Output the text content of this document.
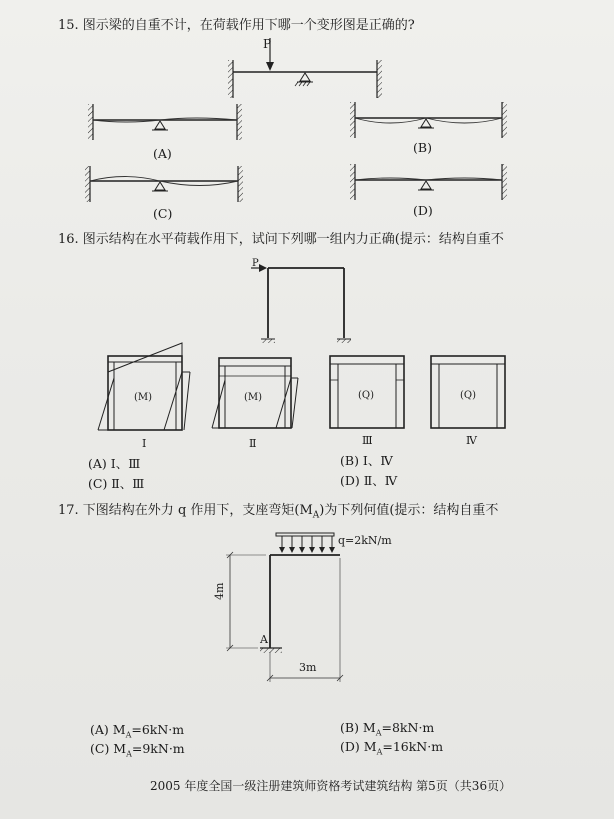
15. 图示梁的自重不计，在荷载作用下哪一个变形图是正确的?
P
(A)	(B)
(C)	(D)
16. 图示结构在水平荷载作用下，试问下列哪一组内力正确(提示：结构自重不
P
(M)	(M)	(Q)	(Q)
I	Ⅱ	Ⅲ	Ⅳ
(A) Ⅰ、Ⅲ	(B) Ⅰ、Ⅳ
(C) Ⅱ、Ⅲ	(D) Ⅱ、Ⅳ
17. 下图结构在外力 q 作用下，支座弯矩$(M_A)$为下列何值(提示：结构自重不
q=2kN/m
4m
3m
A
(A) $M_A=6kN\cdot m$	(B) $M_A=8kN\cdot m$
(C) $M_A=9kN\cdot m$	(D) $M_A=16kN\cdot m$
2005 年度全国一级注册建筑师资格考试建筑结构 第5页（共36页）
